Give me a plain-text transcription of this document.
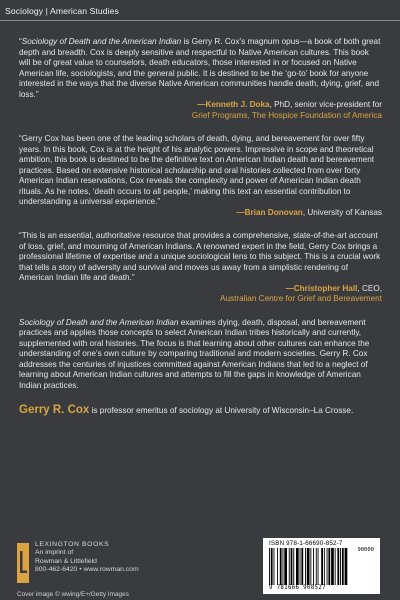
Sociology | American Studies

“Sociology of Death and the American Indian is Gerry R. Cox’s magnum opus—a book of both great depth and breadth. Cox is deeply sensitive and respectful to Native American cultures. This book will be of great value to counselors, death educators, those interested in or focused on Native American life, sociologists, and the general public. It is destined to be the ‘go-to’ book for anyone interested in the ways that the diverse Native American communities handle death, dying, grief, and loss.”

—Kenneth J. Doka, PhD, senior vice-president for
Grief Programs, The Hospice Foundation of America

“Gerry Cox has been one of the leading scholars of death, dying, and bereavement for over fifty years. In this book, Cox is at the height of his analytic powers. Impressive in scope and theoretical ambition, this book is destined to be the definitive text on American Indian death and bereavement practices. Based on extensive historical scholarship and oral histories collected from over forty American Indian reservations, Cox reveals the complexity and power of American Indian death rituals. As he notes, ‘death occurs to all people,’ making this text an essential contribution to understanding a universal experience.”

—Brian Donovan, University of Kansas

“This is an essential, authoritative resource that provides a comprehensive, state-of-the-art account of loss, grief, and mourning of American Indians. A renowned expert in the field, Gerry Cox brings a professional lifetime of expertise and a unique sociological lens to this subject. This is a crucial work that tells a story of adversity and survival and moves us away from a simplistic rendering of American Indian life and death.”

—Christopher Hall, CEO,
Australian Centre for Grief and Bereavement

Sociology of Death and the American Indian examines dying, death, disposal, and bereavement practices and applies those concepts to select American Indian tribes historically and currently, supplemented with oral histories. The focus is that learning about other cultures can enhance the understanding of one’s own culture by comparing traditional and modern societies. Gerry R. Cox addresses the centuries of injustices committed against American Indians that led to a neglect of learning about American Indian cultures and attempts to fill the gaps in knowledge of American Indian practices.

Gerry R. Cox is professor emeritus of sociology at University of Wisconsin–La Crosse.
LEXINGTON BOOKS
An imprint of
Rowman & Littlefield
800-462-6420 • www.rowman.com
ISBN 978-1-66690-852-7
90000
9 781666 908527
Cover image © wwing/E+/Getty Images
